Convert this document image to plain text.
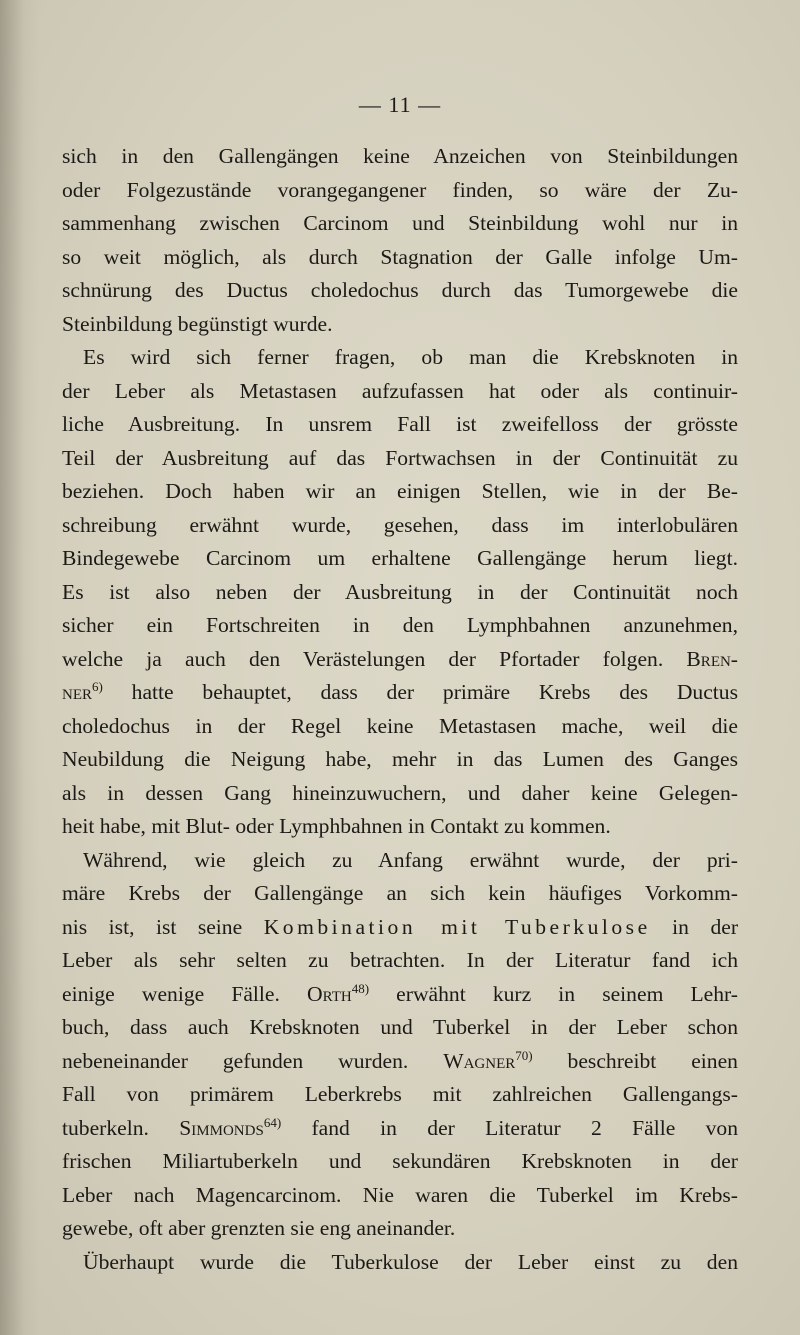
— 11 —
sich in den Gallengängen keine Anzeichen von Steinbildungen
oder Folgezustände vorangegangener finden, so wäre der Zu-
sammenhang zwischen Carcinom und Steinbildung wohl nur in
so weit möglich, als durch Stagnation der Galle infolge Um-
schnürung des Ductus choledochus durch das Tumorgewebe die
Steinbildung begünstigt wurde.
Es wird sich ferner fragen, ob man die Krebsknoten in
der Leber als Metastasen aufzufassen hat oder als continuir-
liche Ausbreitung. In unsrem Fall ist zweifelloss der grösste
Teil der Ausbreitung auf das Fortwachsen in der Continuität zu
beziehen. Doch haben wir an einigen Stellen, wie in der Be-
schreibung erwähnt wurde, gesehen, dass im interlobulären
Bindegewebe Carcinom um erhaltene Gallengänge herum liegt.
Es ist also neben der Ausbreitung in der Continuität noch
sicher ein Fortschreiten in den Lymphbahnen anzunehmen,
welche ja auch den Verästelungen der Pfortader folgen. Bren-
ner$^{6)}$ hatte behauptet, dass der primäre Krebs des Ductus
choledochus in der Regel keine Metastasen mache, weil die
Neubildung die Neigung habe, mehr in das Lumen des Ganges
als in dessen Gang hineinzuwuchern, und daher keine Gelegen-
heit habe, mit Blut- oder Lymphbahnen in Contakt zu kommen.
Während, wie gleich zu Anfang erwähnt wurde, der pri-
märe Krebs der Gallengänge an sich kein häufiges Vorkomm-
nis ist, ist seine Kombination mit Tuberkulose in der
Leber als sehr selten zu betrachten. In der Literatur fand ich
einige wenige Fälle. Orth$^{48)}$ erwähnt kurz in seinem Lehr-
buch, dass auch Krebsknoten und Tuberkel in der Leber schon
nebeneinander gefunden wurden. Wagner$^{70)}$ beschreibt einen
Fall von primärem Leberkrebs mit zahlreichen Gallengangs-
tuberkeln. Simmonds$^{64)}$ fand in der Literatur 2 Fälle von
frischen Miliartuberkeln und sekundären Krebsknoten in der
Leber nach Magencarcinom. Nie waren die Tuberkel im Krebs-
gewebe, oft aber grenzten sie eng aneinander.
Überhaupt wurde die Tuberkulose der Leber einst zu den
